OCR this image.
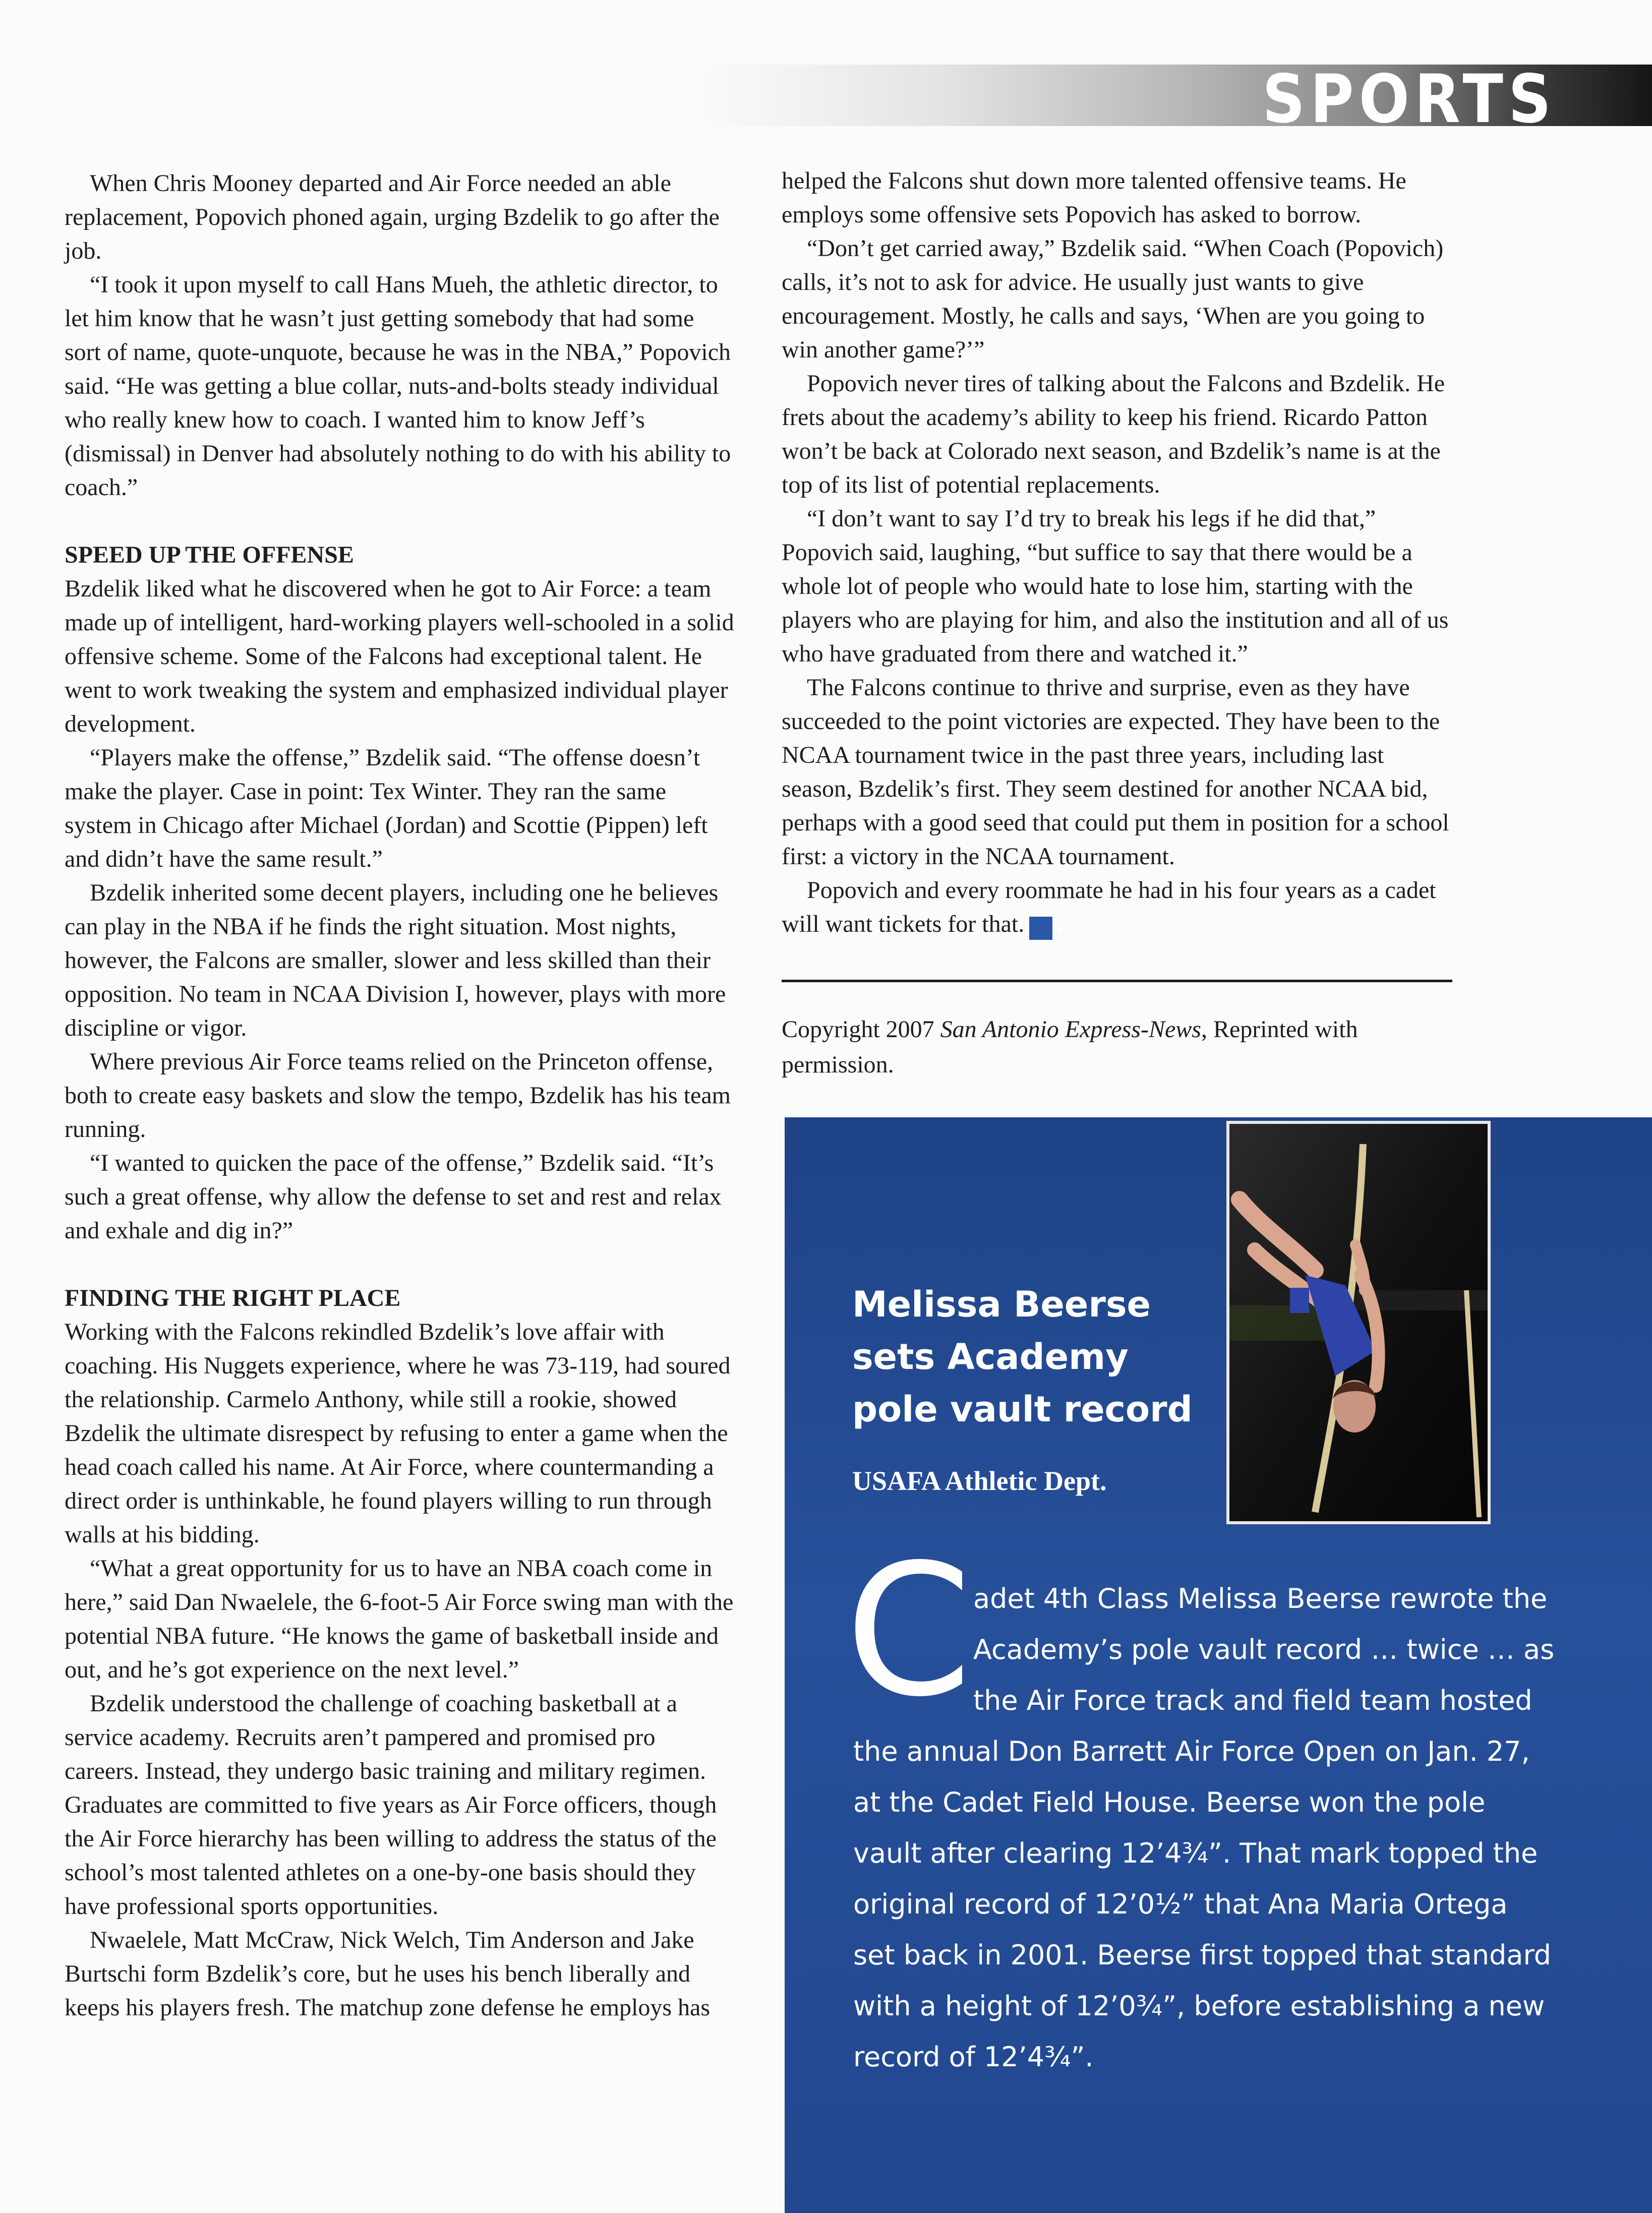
SPORTS

When Chris Mooney departed and Air Force needed an able replacement, Popovich phoned again, urging Bzdelik to go after the job.

“I took it upon myself to call Hans Mueh, the athletic director, to let him know that he wasn’t just getting somebody that had some sort of name, quote-unquote, because he was in the NBA,” Popovich said. “He was getting a blue collar, nuts-and-bolts steady individual who really knew how to coach. I wanted him to know Jeff’s (dismissal) in Denver had absolutely nothing to do with his ability to coach.”

SPEED UP THE OFFENSE

Bzdelik liked what he discovered when he got to Air Force: a team made up of intelligent, hard-working players well-schooled in a solid offensive scheme. Some of the Falcons had exceptional talent. He went to work tweaking the system and emphasized individual player development.

“Players make the offense,” Bzdelik said. “The offense doesn’t make the player. Case in point: Tex Winter. They ran the same system in Chicago after Michael (Jordan) and Scottie (Pippen) left and didn’t have the same result.”

Bzdelik inherited some decent players, including one he believes can play in the NBA if he finds the right situation. Most nights, however, the Falcons are smaller, slower and less skilled than their opposition. No team in NCAA Division I, however, plays with more discipline or vigor.

Where previous Air Force teams relied on the Princeton offense, both to create easy baskets and slow the tempo, Bzdelik has his team running.

“I wanted to quicken the pace of the offense,” Bzdelik said. “It’s such a great offense, why allow the defense to set and rest and relax and exhale and dig in?”

FINDING THE RIGHT PLACE

Working with the Falcons rekindled Bzdelik’s love affair with coaching. His Nuggets experience, where he was 73-119, had soured the relationship. Carmelo Anthony, while still a rookie, showed Bzdelik the ultimate disrespect by refusing to enter a game when the head coach called his name. At Air Force, where countermanding a direct order is unthinkable, he found players willing to run through walls at his bidding.

“What a great opportunity for us to have an NBA coach come in here,” said Dan Nwaelele, the 6-foot-5 Air Force swing man with the potential NBA future. “He knows the game of basketball inside and out, and he’s got experience on the next level.”

Bzdelik understood the challenge of coaching basketball at a service academy. Recruits aren’t pampered and promised pro careers. Instead, they undergo basic training and military regimen. Graduates are committed to five years as Air Force officers, though the Air Force hierarchy has been willing to address the status of the school’s most talented athletes on a one-by-one basis should they have professional sports opportunities.

Nwaelele, Matt McCraw, Nick Welch, Tim Anderson and Jake Burtschi form Bzdelik’s core, but he uses his bench liberally and keeps his players fresh. The matchup zone defense he employs has

helped the Falcons shut down more talented offensive teams. He employs some offensive sets Popovich has asked to borrow.

“Don’t get carried away,” Bzdelik said. “When Coach (Popovich) calls, it’s not to ask for advice. He usually just wants to give encouragement. Mostly, he calls and says, ‘When are you going to win another game?’”

Popovich never tires of talking about the Falcons and Bzdelik. He frets about the academy’s ability to keep his friend. Ricardo Patton won’t be back at Colorado next season, and Bzdelik’s name is at the top of its list of potential replacements.

“I don’t want to say I’d try to break his legs if he did that,” Popovich said, laughing, “but suffice to say that there would be a whole lot of people who would hate to lose him, starting with the players who are playing for him, and also the institution and all of us who have graduated from there and watched it.”

The Falcons continue to thrive and surprise, even as they have succeeded to the point victories are expected. They have been to the NCAA tournament twice in the past three years, including last season, Bzdelik’s first. They seem destined for another NCAA bid, perhaps with a good seed that could put them in position for a school first: a victory in the NCAA tournament.

Popovich and every roommate he had in his four years as a cadet will want tickets for that. ✓

Copyright 2007 San Antonio Express-News, Reprinted with permission.
Melissa Beerse
sets Academy
pole vault record
USAFA Athletic Dept.
C adet 4th Class Melissa Beerse rewrote the
Academy’s pole vault record … twice … as
the Air Force track and field team hosted
the annual Don Barrett Air Force Open on Jan. 27,
at the Cadet Field House. Beerse won the pole
vault after clearing 12’4¾”. That mark topped the
original record of 12’0½” that Ana Maria Ortega
set back in 2001. Beerse first topped that standard
with a height of 12’0¾”, before establishing a new
record of 12’4¾”.
